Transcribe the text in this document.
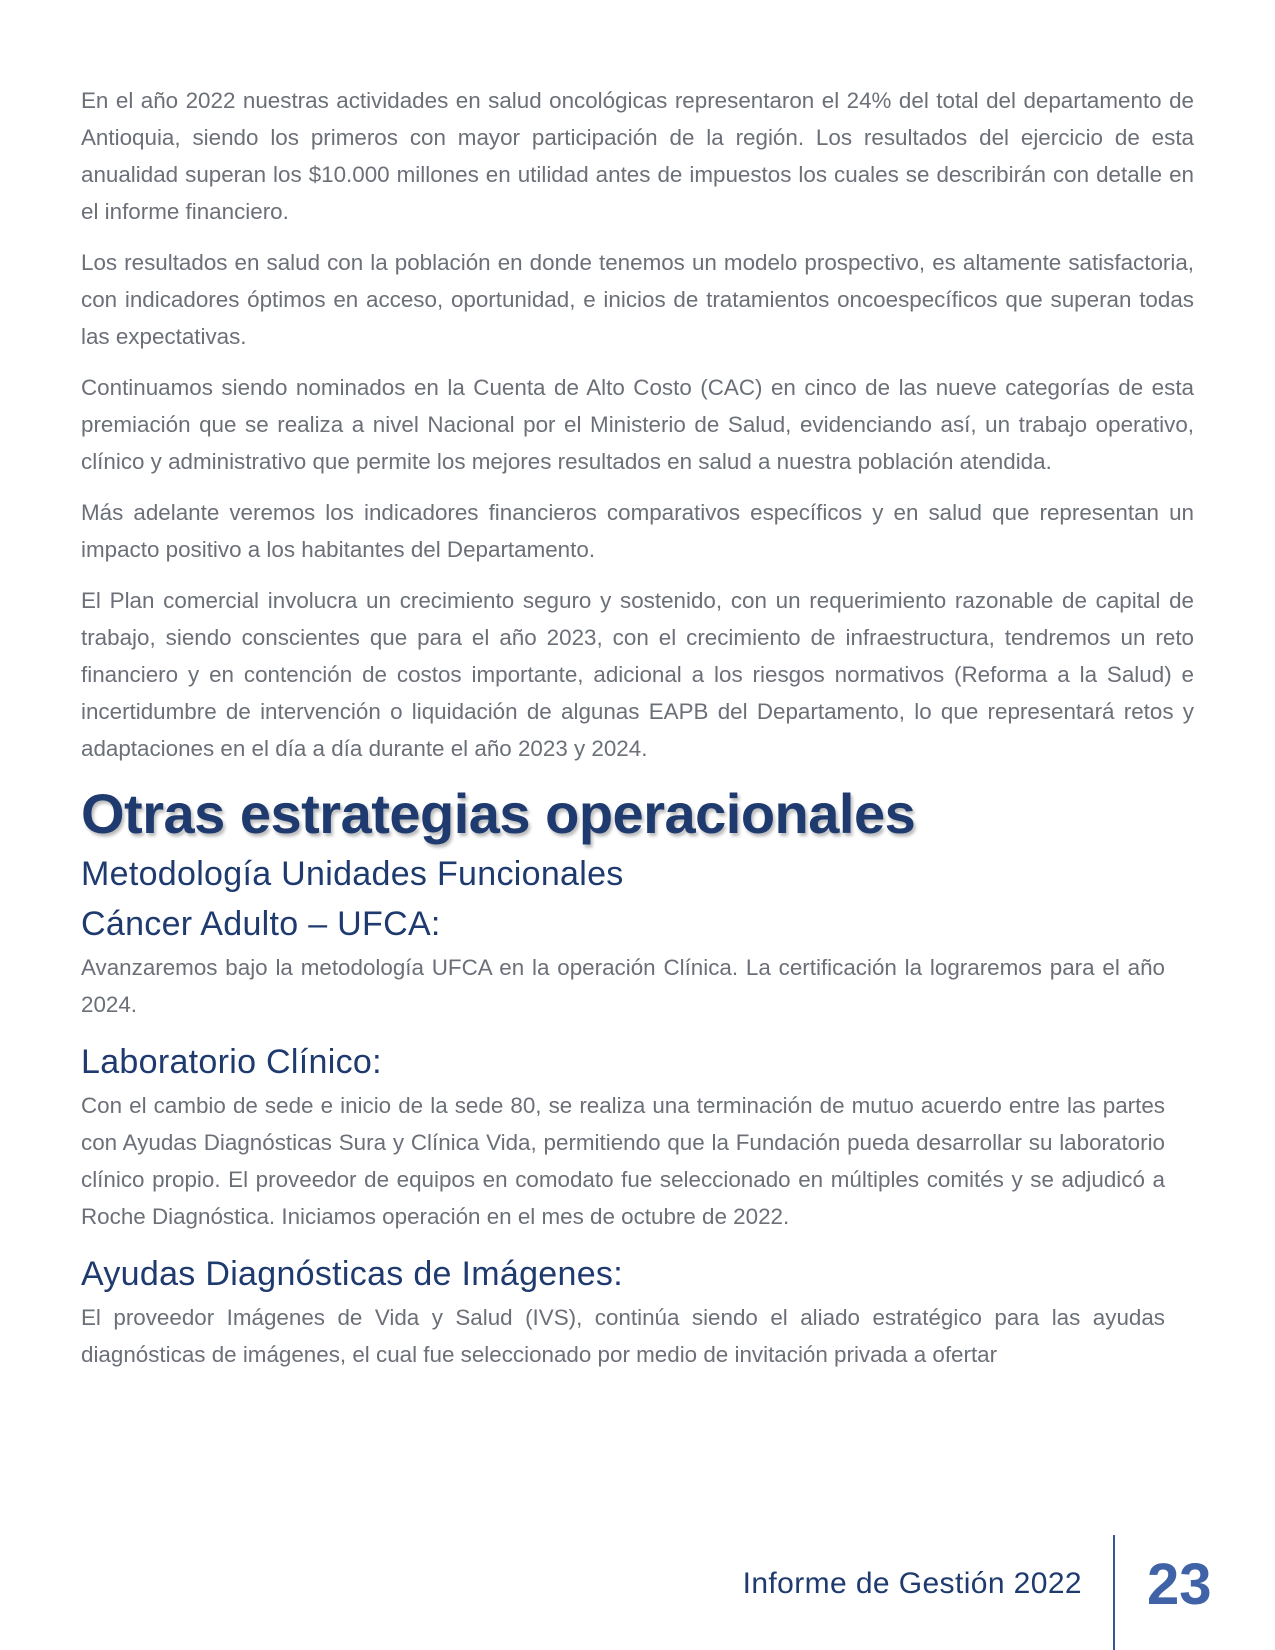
En el año 2022 nuestras actividades en salud oncológicas representaron el 24% del total del departamento de Antioquia, siendo los primeros con mayor participación de la región. Los resultados del ejercicio de esta anualidad superan los $10.000 millones en utilidad antes de impuestos los cuales se describirán con detalle en el informe financiero.

Los resultados en salud con la población en donde tenemos un modelo prospectivo, es altamente satisfactoria, con indicadores óptimos en acceso, oportunidad, e inicios de tratamientos oncoespecíficos que superan todas las expectativas.

Continuamos siendo nominados en la Cuenta de Alto Costo (CAC) en cinco de las nueve categorías de esta premiación que se realiza a nivel Nacional por el Ministerio de Salud, evidenciando así, un trabajo operativo, clínico y administrativo que permite los mejores resultados en salud a nuestra población atendida.

Más adelante veremos los indicadores financieros comparativos específicos y en salud que representan un impacto positivo a los habitantes del Departamento.

El Plan comercial involucra un crecimiento seguro y sostenido, con un requerimiento razonable de capital de trabajo, siendo conscientes que para el año 2023, con el crecimiento de infraestructura, tendremos un reto financiero y en contención de costos importante, adicional a los riesgos normativos (Reforma a la Salud) e incertidumbre de intervención o liquidación de algunas EAPB del Departamento, lo que representará retos y adaptaciones en el día a día durante el año 2023 y 2024.

Otras estrategias operacionales
Metodología Unidades Funcionales
Cáncer Adulto – UFCA:

Avanzaremos bajo la metodología UFCA en la operación Clínica. La certificación la lograremos para el año 2024.

Laboratorio Clínico:

Con el cambio de sede e inicio de la sede 80, se realiza una terminación de mutuo acuerdo entre las partes con Ayudas Diagnósticas Sura y Clínica Vida, permitiendo que la Fundación pueda desarrollar su laboratorio clínico propio. El proveedor de equipos en comodato fue seleccionado en múltiples comités y se adjudicó a Roche Diagnóstica. Iniciamos operación en el mes de octubre de 2022.

Ayudas Diagnósticas de Imágenes:

El proveedor Imágenes de Vida y Salud (IVS), continúa siendo el aliado estratégico para las ayudas diagnósticas de imágenes, el cual fue seleccionado por medio de invitación privada a ofertar

Informe de Gestión 2022 23
